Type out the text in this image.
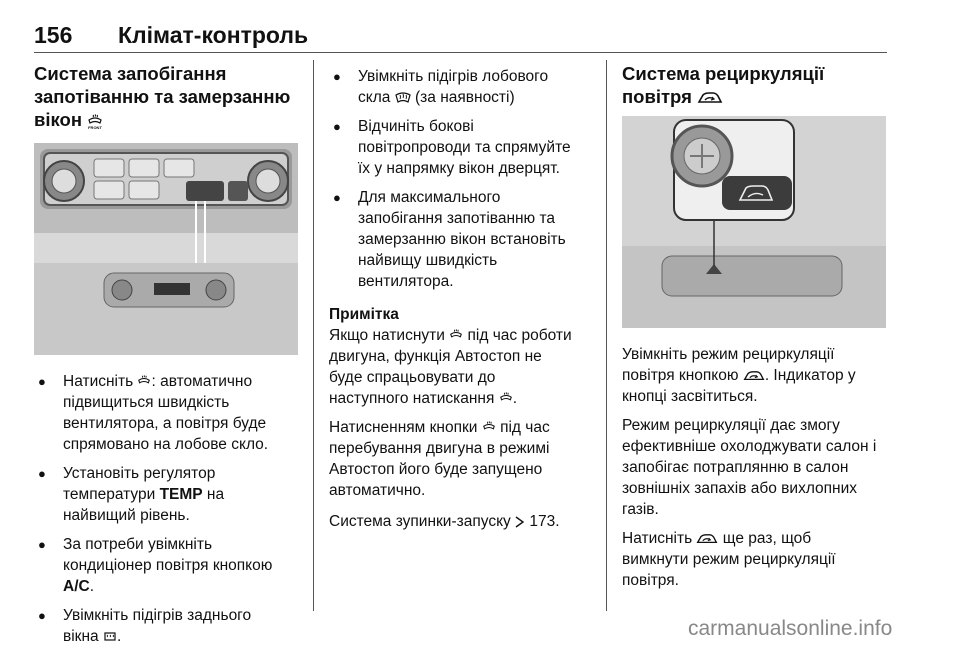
156 Клімат-контроль
Система запобігання
запотіванню та замерзанню
вікон FRONT
● Натисніть : автоматично
підвищиться швидкість
вентилятора, а повітря буде
спрямовано на лобове скло.
● Установіть регулятор
температури TEMP на
найвищий рівень.
● За потреби увімкніть
кондиціонер повітря кнопкою
A/C.
● Увімкніть підігрів заднього
вікна .
● Увімкніть підігрів лобового
скла (за наявності)
● Відчиніть бокові
повітропроводи та спрямуйте
їх у напрямку вікон дверцят.
● Для максимального
запобігання запотіванню та
замерзанню вікон встановіть
найвищу швидкість
вентилятора.

Примітка

Якщо натиснути під час роботи
двигуна, функція Автостоп не
буде спрацьовувати до
наступного натискання .

Натисненням кнопки під час
перебування двигуна в режимі
Автостоп його буде запущено
автоматично.

Система зупинки-запуску 173.

Система рециркуляції
повітря

Увімкніть режим рециркуляції
повітря кнопкою . Індикатор у
кнопці засвітиться.

Режим рециркуляції дає змогу
ефективніше охолоджувати салон і
запобігає потраплянню в салон
зовнішніх запахів або вихлопних
газів.

Натисніть ще раз, щоб
вимкнути режим рециркуляції
повітря.

carmanualsonline.info
